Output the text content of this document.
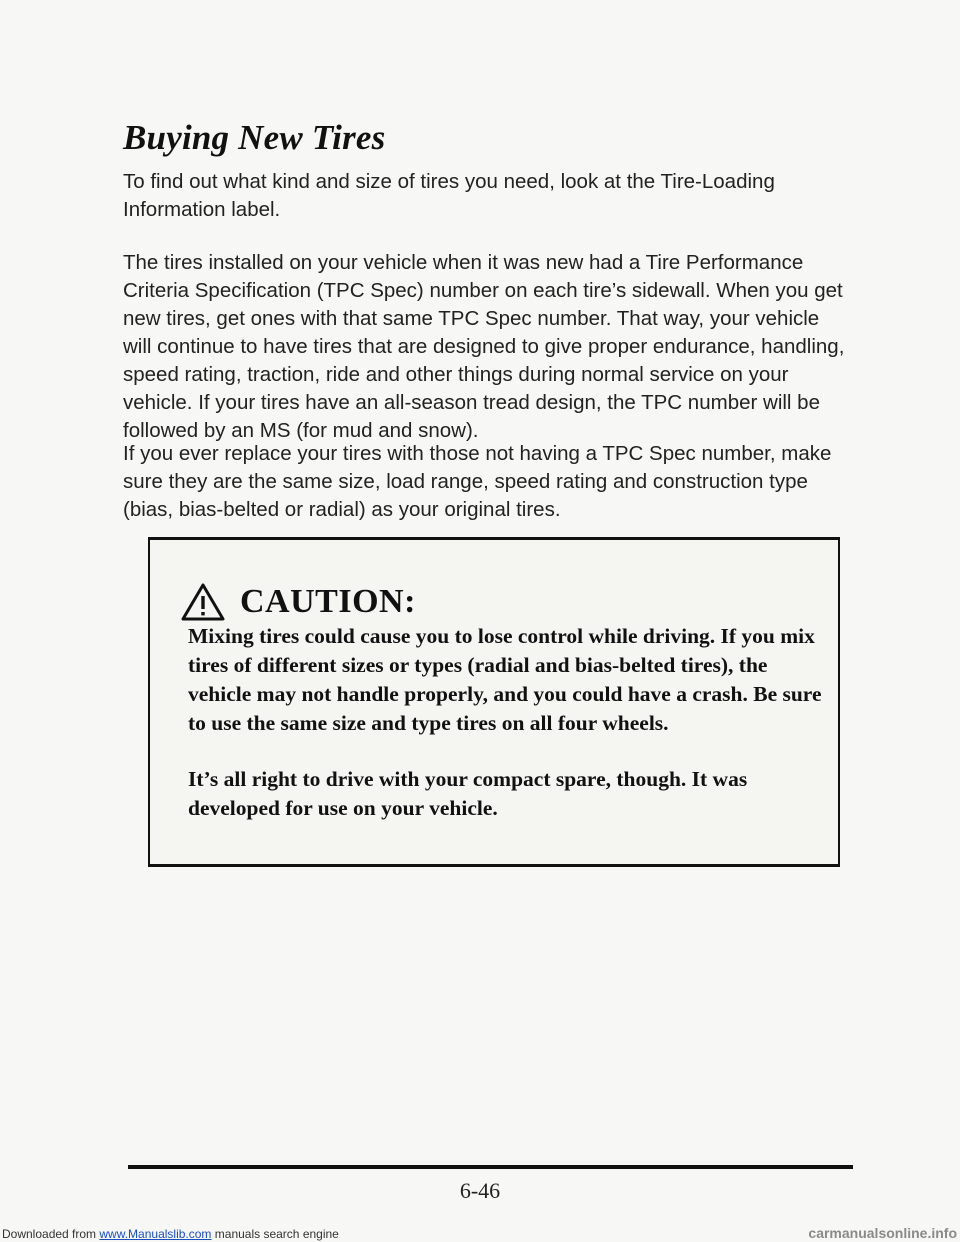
Buying New Tires

To find out what kind and size of tires you need, look at the Tire-Loading Information label.

The tires installed on your vehicle when it was new had a Tire Performance Criteria Specification (TPC Spec) number on each tire’s sidewall. When you get new tires, get ones with that same TPC Spec number. That way, your vehicle will continue to have tires that are designed to give proper endurance, handling, speed rating, traction, ride and other things during normal service on your vehicle. If your tires have an all-season tread design, the TPC number will be followed by an MS (for mud and snow).

If you ever replace your tires with those not having a TPC Spec number, make sure they are the same size, load range, speed rating and construction type (bias, bias-belted or radial) as your original tires.

CAUTION:

Mixing tires could cause you to lose control while driving. If you mix tires of different sizes or types (radial and bias-belted tires), the vehicle may not handle properly, and you could have a crash. Be sure to use the same size and type tires on all four wheels.

It’s all right to drive with your compact spare, though. It was developed for use on your vehicle.

6-46
Downloaded from www.Manualslib.com manuals search engine	carmanualsonline.info
